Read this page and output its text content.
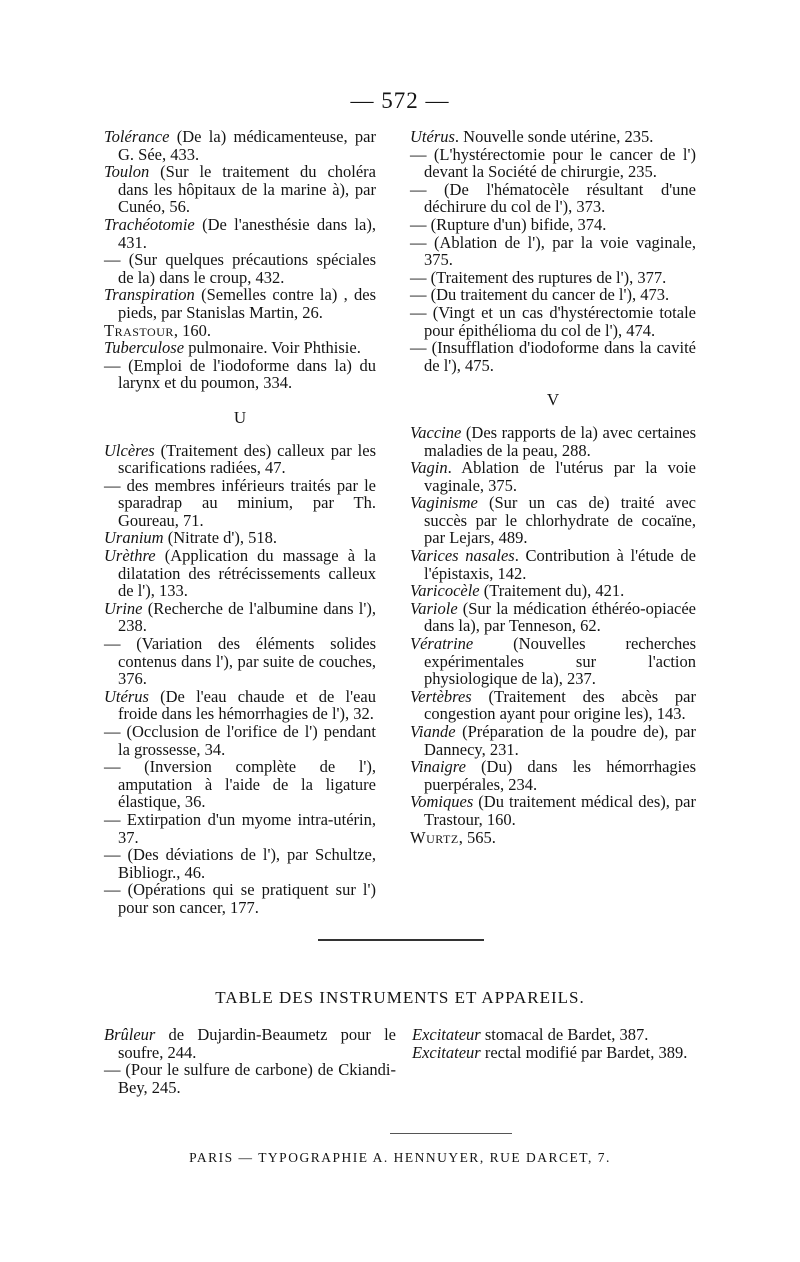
— 572 —

Tolérance (De la) médicamenteuse, par G. Sée, 433.

Toulon (Sur le traitement du choléra dans les hôpitaux de la marine à), par Cunéo, 56.

Trachéotomie (De l'anesthésie dans la), 431.

— (Sur quelques précautions spéciales de la) dans le croup, 432.

Transpiration (Semelles contre la) , des pieds, par Stanislas Martin, 26.

Trastour, 160.

Tuberculose pulmonaire. Voir Phthisie.

— (Emploi de l'iodoforme dans la) du larynx et du poumon, 334.

U

Ulcères (Traitement des) calleux par les scarifications radiées, 47.

— des membres inférieurs traités par le sparadrap au minium, par Th. Goureau, 71.

Uranium (Nitrate d'), 518.

Urèthre (Application du massage à la dilatation des rétrécissements calleux de l'), 133.

Urine (Recherche de l'albumine dans l'), 238.

— (Variation des éléments solides contenus dans l'), par suite de couches, 376.

Utérus (De l'eau chaude et de l'eau froide dans les hémorrhagies de l'), 32.

— (Occlusion de l'orifice de l') pendant la grossesse, 34.

— (Inversion complète de l'), amputation à l'aide de la ligature élastique, 36.

— Extirpation d'un myome intra-utérin, 37.

— (Des déviations de l'), par Schultze, Bibliogr., 46.

— (Opérations qui se pratiquent sur l') pour son cancer, 177.

Utérus. Nouvelle sonde utérine, 235.

— (L'hystérectomie pour le cancer de l') devant la Société de chirurgie, 235.

— (De l'hématocèle résultant d'une déchirure du col de l'), 373.

— (Rupture d'un) bifide, 374.

— (Ablation de l'), par la voie vaginale, 375.

— (Traitement des ruptures de l'), 377.

— (Du traitement du cancer de l'), 473.

— (Vingt et un cas d'hystérectomie totale pour épithélioma du col de l'), 474.

— (Insufflation d'iodoforme dans la cavité de l'), 475.

V

Vaccine (Des rapports de la) avec certaines maladies de la peau, 288.

Vagin. Ablation de l'utérus par la voie vaginale, 375.

Vaginisme (Sur un cas de) traité avec succès par le chlorhydrate de cocaïne, par Lejars, 489.

Varices nasales. Contribution à l'étude de l'épistaxis, 142.

Varicocèle (Traitement du), 421.

Variole (Sur la médication éthéréo-opiacée dans la), par Tenneson, 62.

Vératrine (Nouvelles recherches expérimentales sur l'action physiologique de la), 237.

Vertèbres (Traitement des abcès par congestion ayant pour origine les), 143.

Viande (Préparation de la poudre de), par Dannecy, 231.

Vinaigre (Du) dans les hémorrhagies puerpérales, 234.

Vomiques (Du traitement médical des), par Trastour, 160.

Wurtz, 565.

TABLE DES INSTRUMENTS ET APPAREILS.

Brûleur de Dujardin-Beaumetz pour le soufre, 244.

— (Pour le sulfure de carbone) de Ckiandi-Bey, 245.

Excitateur stomacal de Bardet, 387.

Excitateur rectal modifié par Bardet, 389.

PARIS — TYPOGRAPHIE A. HENNUYER, RUE DARCET, 7.
